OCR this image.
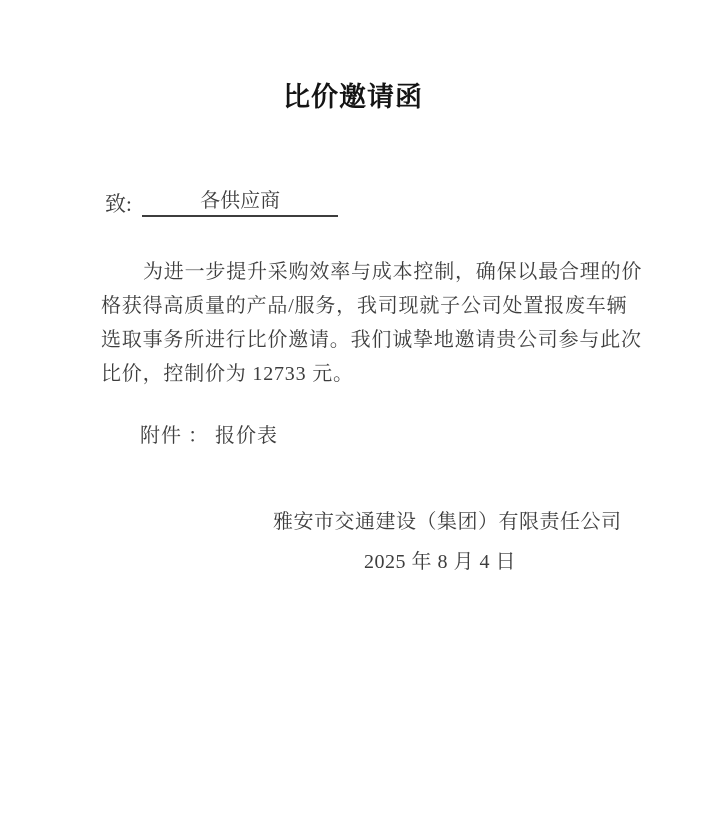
比价邀请函
致:	各供应商
为进一步提升采购效率与成本控制，确保以最合理的价
格获得高质量的产品/服务，我司现就子公司处置报废车辆
选取事务所进行比价邀请。我们诚挚地邀请贵公司参与此次
比价，控制价为 12733 元。
附件 ： 报价表
雅安市交通建设（集团）有限责任公司
2025 年 8 月 4 日
